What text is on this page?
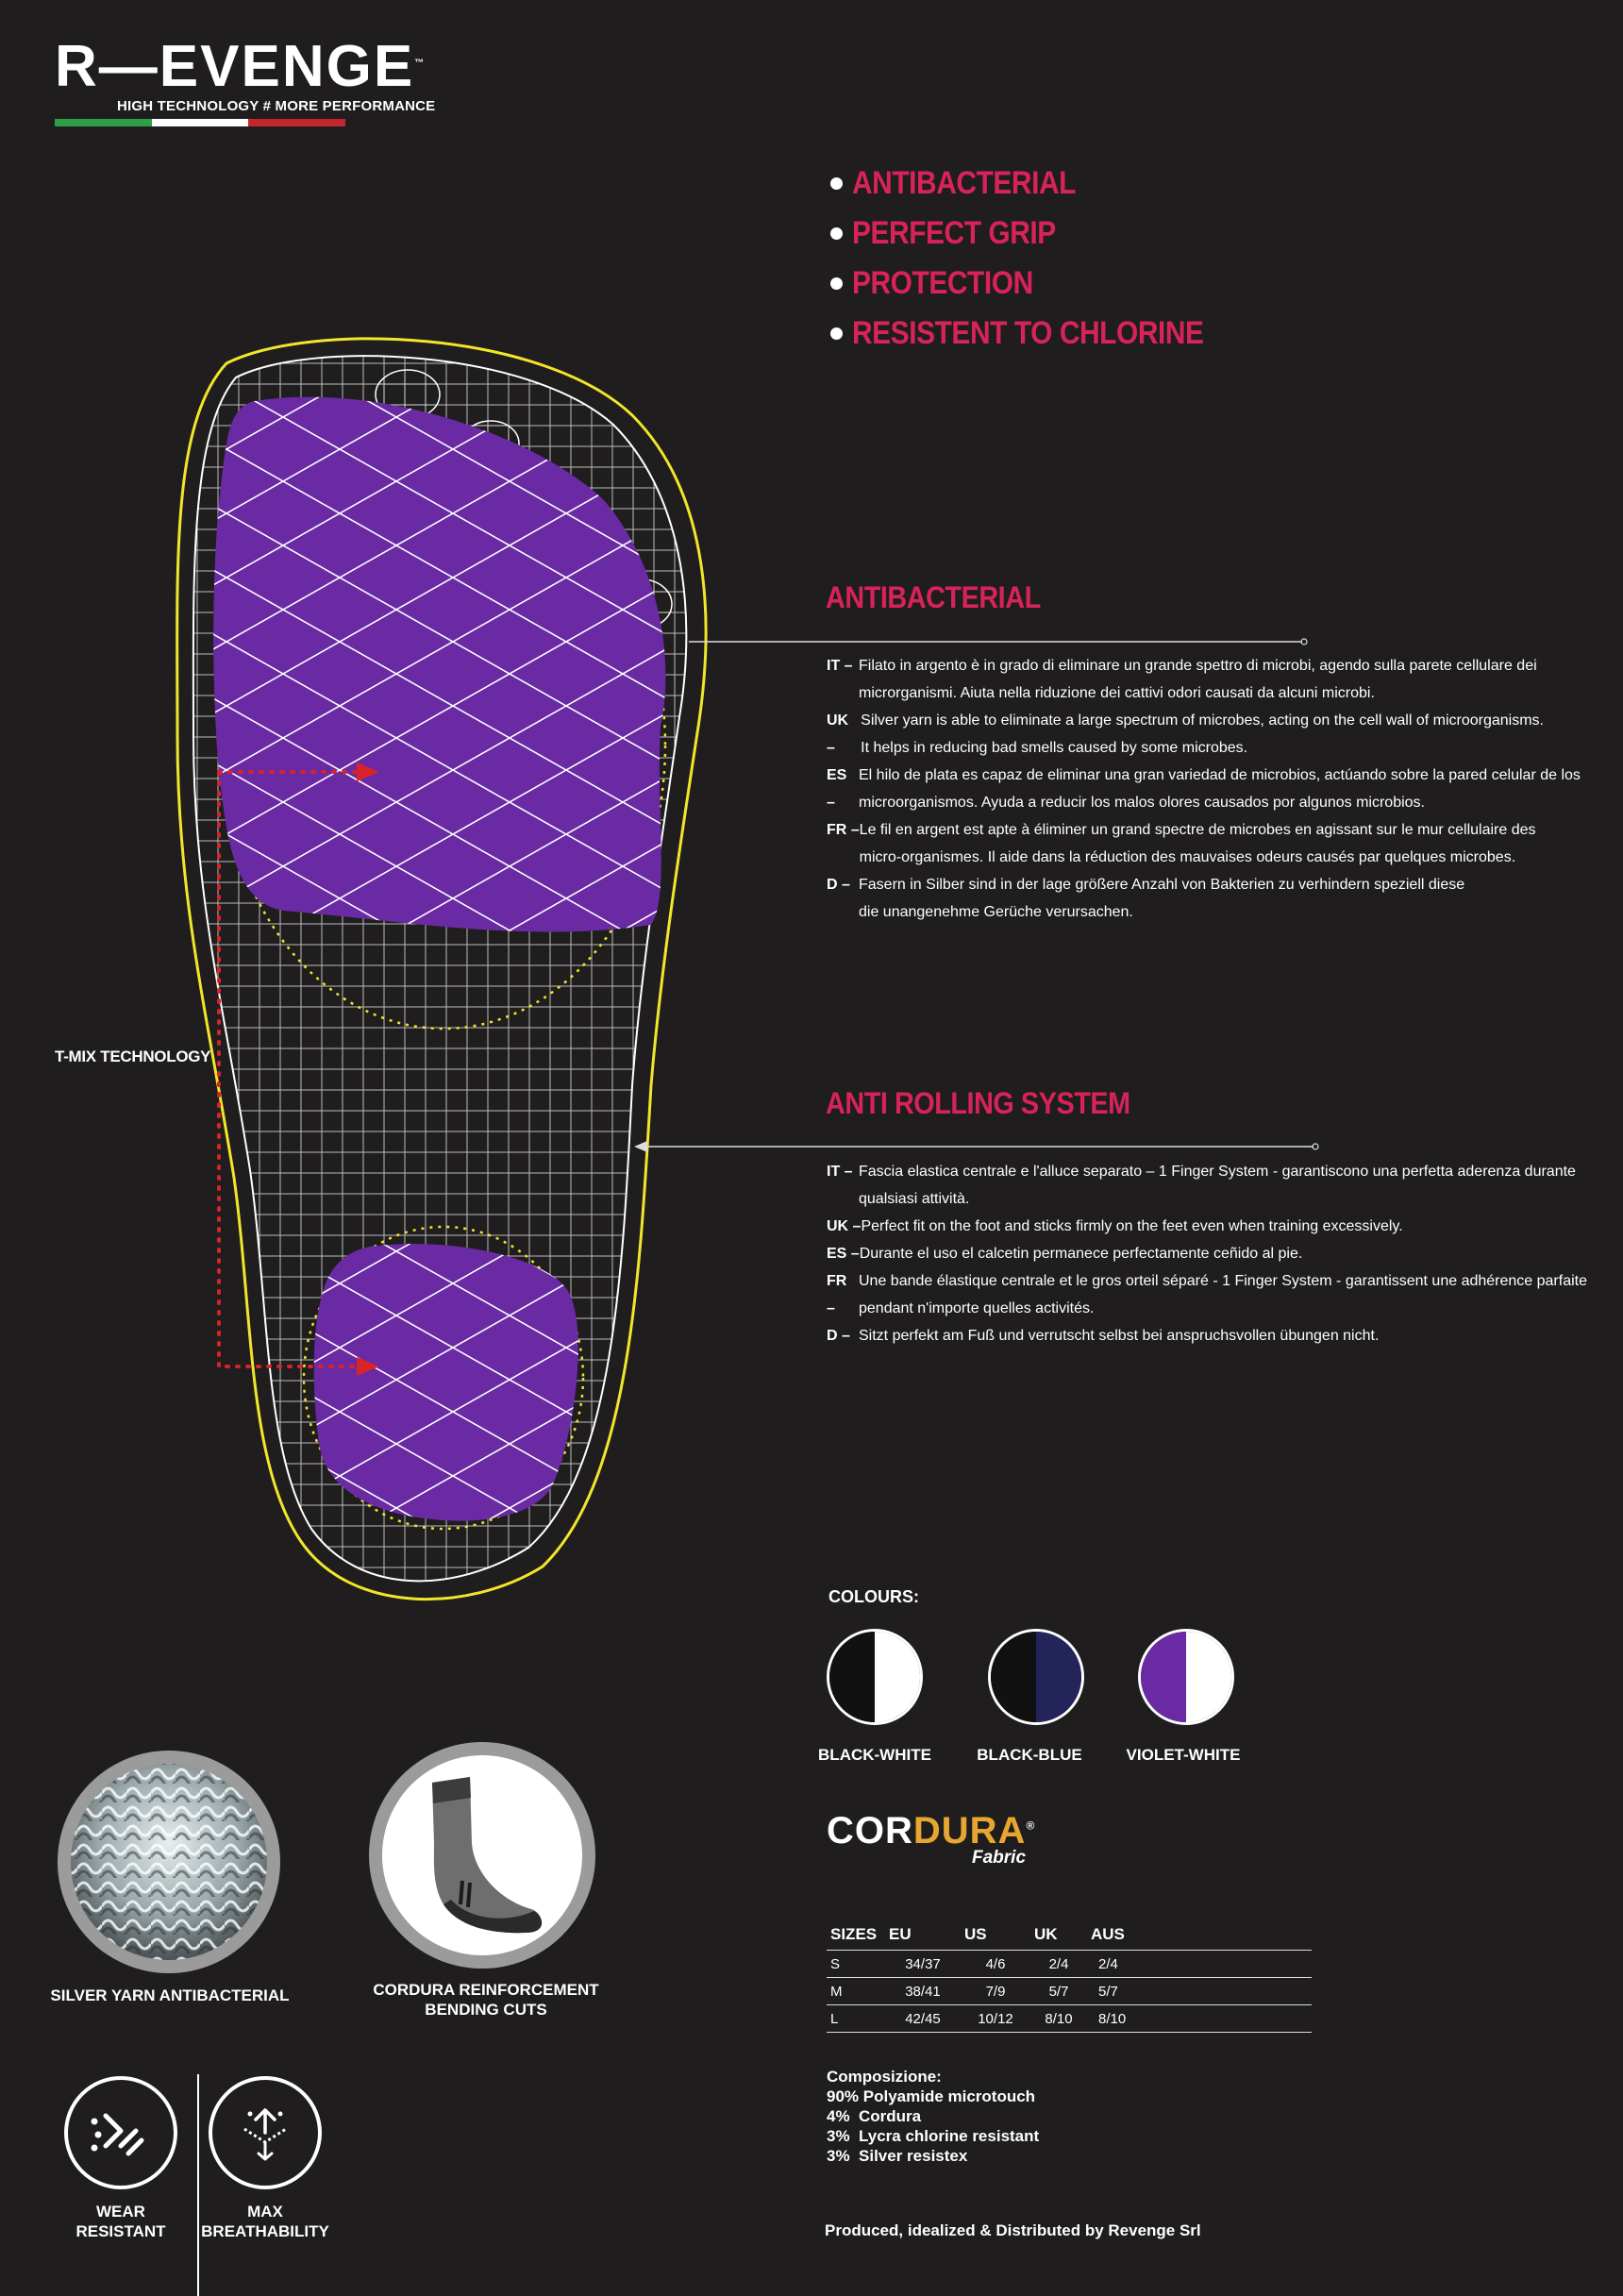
R—EVENGE™
HIGH TECHNOLOGY # MORE PERFORMANCE
ANTIBACTERIAL
PERFECT GRIP
PROTECTION
RESISTENT TO CHLORINE
T-MIX TECHNOLOGY
ANTIBACTERIAL
IT – Filato in argento è in grado di eliminare un grande spettro di microbi, agendo sulla parete cellulare dei
microrganismi. Aiuta nella riduzione dei cattivi odori causati da alcuni microbi.
UK –
Silver yarn is able to eliminate a large spectrum of microbes, acting on the cell wall of microorganisms.
It helps in reducing bad smells caused by some microbes.
ES –
El hilo de plata es capaz de eliminar una gran variedad de microbios, actúando sobre la pared celular de los
microorganismos. Ayuda a reducir los malos olores causados por algunos microbios.
FR – Le fil en argent est apte à éliminer un grand spectre de microbes en agissant sur le mur cellulaire des
micro-organismes. Il aide dans la réduction des mauvaises odeurs causés par quelques microbes.
D – Fasern in Silber sind in der lage größere Anzahl von Bakterien zu verhindern speziell diese
die unangenehme Gerüche verursachen.
ANTI ROLLING SYSTEM
IT – Fascia elastica centrale e l'alluce separato – 1 Finger System - garantiscono una perfetta aderenza durante
qualsiasi attività.
UK – Perfect fit on the foot and sticks firmly on the feet even when training excessively.
ES – Durante el uso el calcetin permanece perfectamente ceñido al pie.
FR –
Une bande élastique centrale et le gros orteil séparé - 1 Finger System - garantissent une adhérence parfaite
pendant n'importe quelles activités.
D – Sitzt perfekt am Fuß und verrutscht selbst bei anspruchsvollen übungen nicht.
COLOURS:
BLACK-WHITE	BLACK-BLUE	VIOLET-WHITE
CORDURA®
Fabric
SIZES	EU	US	UK	AUS
S	34/37	4/6	2/4	2/4
M	38/41	7/9	5/7	5/7
L	42/45	10/12	8/10	8/10
Composizione:
90% Polyamide microtouch
4%  Cordura
3%  Lycra chlorine resistant
3%  Silver resistex
Produced, idealized & Distributed by Revenge Srl
SILVER YARN ANTIBACTERIAL	CORDURA REINFORCEMENT
BENDING CUTS
WEAR
RESISTANT
MAX
BREATHABILITY
